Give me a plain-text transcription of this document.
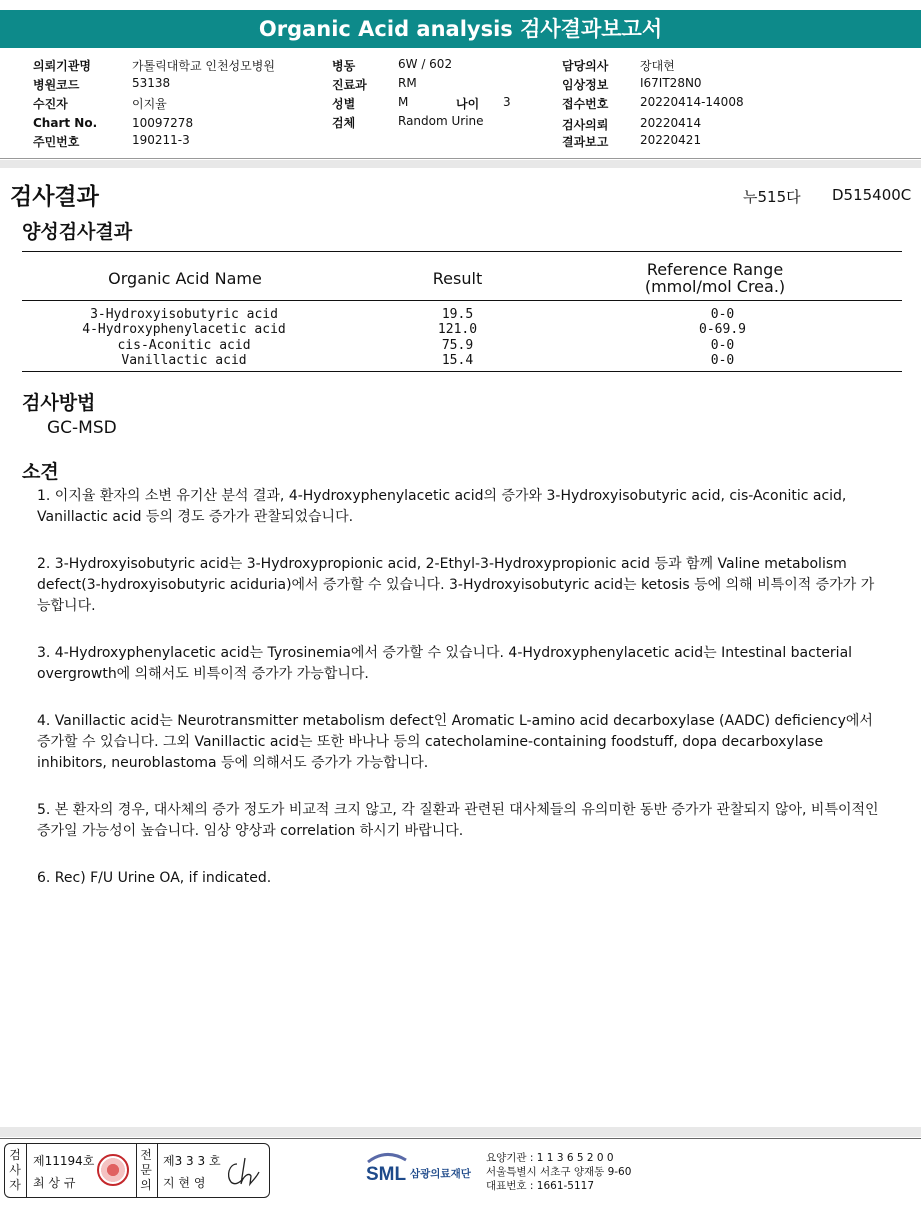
Organic Acid analysis 검사결과보고서
의뢰기관명	가톨릭대학교 인천성모병원
병원코드	53138
수진자	이지율
Chart No.	10097278
주민번호	190211-3
병동	6W / 602
진료과	RM
성별	M	나이 3
검체	Random Urine
담당의사	장대현
임상정보	I67IT28N0
접수번호	20220414-14008
검사의뢰	20220414
결과보고	20220421
검사결과	누515다 D515400C
양성검사결과
Organic Acid Name	Result	Reference Range
(mmol/mol Crea.)
3-Hydroxyisobutyric acid	19.5	0-0
4-Hydroxyphenylacetic acid	121.0	0-69.9
cis-Aconitic acid	75.9	0-0
Vanillactic acid	15.4	0-0
검사방법
GC-MSD
소견

1. 이지율 환자의 소변 유기산 분석 결과, 4-Hydroxyphenylacetic acid의 증가와 3-Hydroxyisobutyric acid, cis-Aconitic acid, Vanillactic acid 등의 경도 증가가 관찰되었습니다.

2. 3-Hydroxyisobutyric acid는 3-Hydroxypropionic acid, 2-Ethyl-3-Hydroxypropionic acid 등과 함께 Valine metabolism defect(3-hydroxyisobutyric aciduria)에서 증가할 수 있습니다. 3-Hydroxyisobutyric acid는 ketosis 등에 의해 비특이적 증가가 가능합니다.

3. 4-Hydroxyphenylacetic acid는 Tyrosinemia에서 증가할 수 있습니다. 4-Hydroxyphenylacetic acid는 Intestinal bacterial overgrowth에 의해서도 비특이적 증가가 가능합니다.

4. Vanillactic acid는 Neurotransmitter metabolism defect인 Aromatic L-amino acid decarboxylase (AADC) deficiency에서 증가할 수 있습니다. 그외 Vanillactic acid는 또한 바나나 등의 catecholamine-containing foodstuff, dopa decarboxylase inhibitors, neuroblastoma 등에 의해서도 증가가 가능합니다.

5. 본 환자의 경우, 대사체의 증가 정도가 비교적 크지 않고, 각 질환과 관련된 대사체들의 유의미한 동반 증가가 관찰되지 않아, 비특이적인 증가일 가능성이 높습니다. 임상 양상과 correlation 하시기 바랍니다.

6. Rec) F/U Urine OA, if indicated.

검
사
자
제11194호
최 상 규
전
문
의
제3 3 3 호
지 현 영	SML 삼광의료재단
요양기관 : 1 1 3 6 5 2 0 0
서울특별시 서초구 양재동 9-60
대표번호 : 1661-5117
